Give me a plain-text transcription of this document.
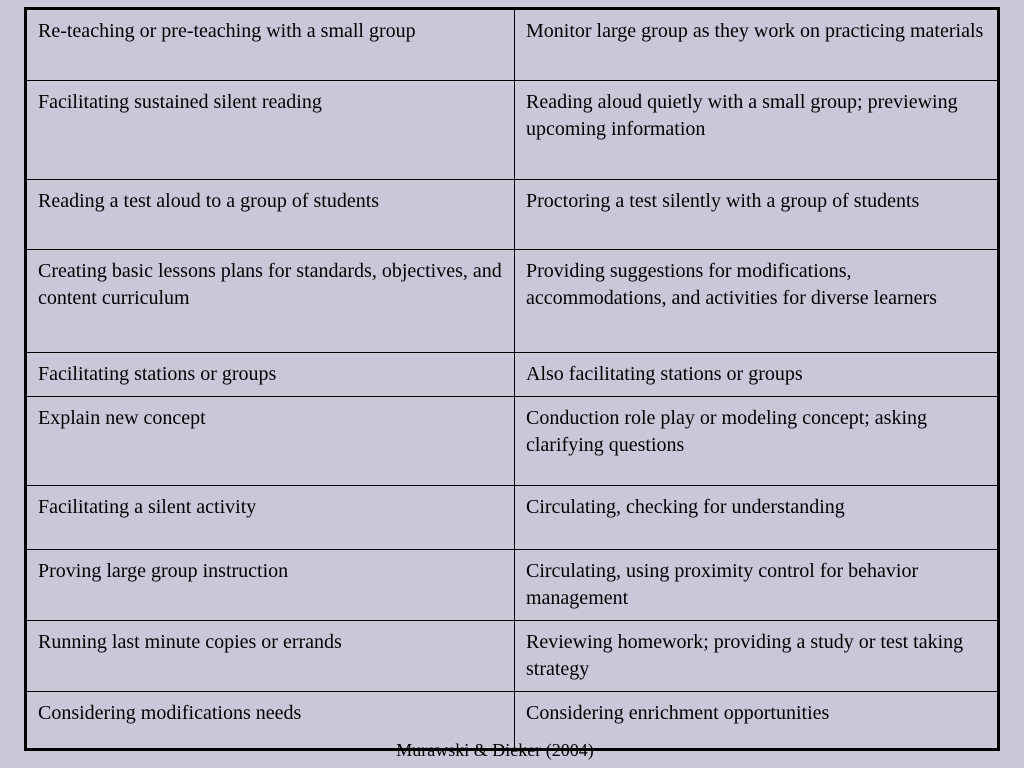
Re-teaching or pre-teaching with a small group	Monitor large group as they work on practicing materials
Facilitating sustained silent reading	Reading aloud quietly with a small group; previewing upcoming information
Reading a test aloud to a group of students	Proctoring a test silently with a group of students
Creating basic lessons plans for standards, objectives, and content curriculum	Providing suggestions for modifications, accommodations, and activities for diverse learners
Facilitating stations or groups	Also facilitating stations or groups
Explain new concept	Conduction role play or modeling concept; asking clarifying questions
Facilitating a silent activity	Circulating, checking for understanding
Proving large group instruction	Circulating, using proximity control for behavior management
Running last minute copies or errands	Reviewing homework; providing a study or test taking strategy
Considering modifications needs	Considering enrichment opportunities
Murawski & Dieker (2004)
